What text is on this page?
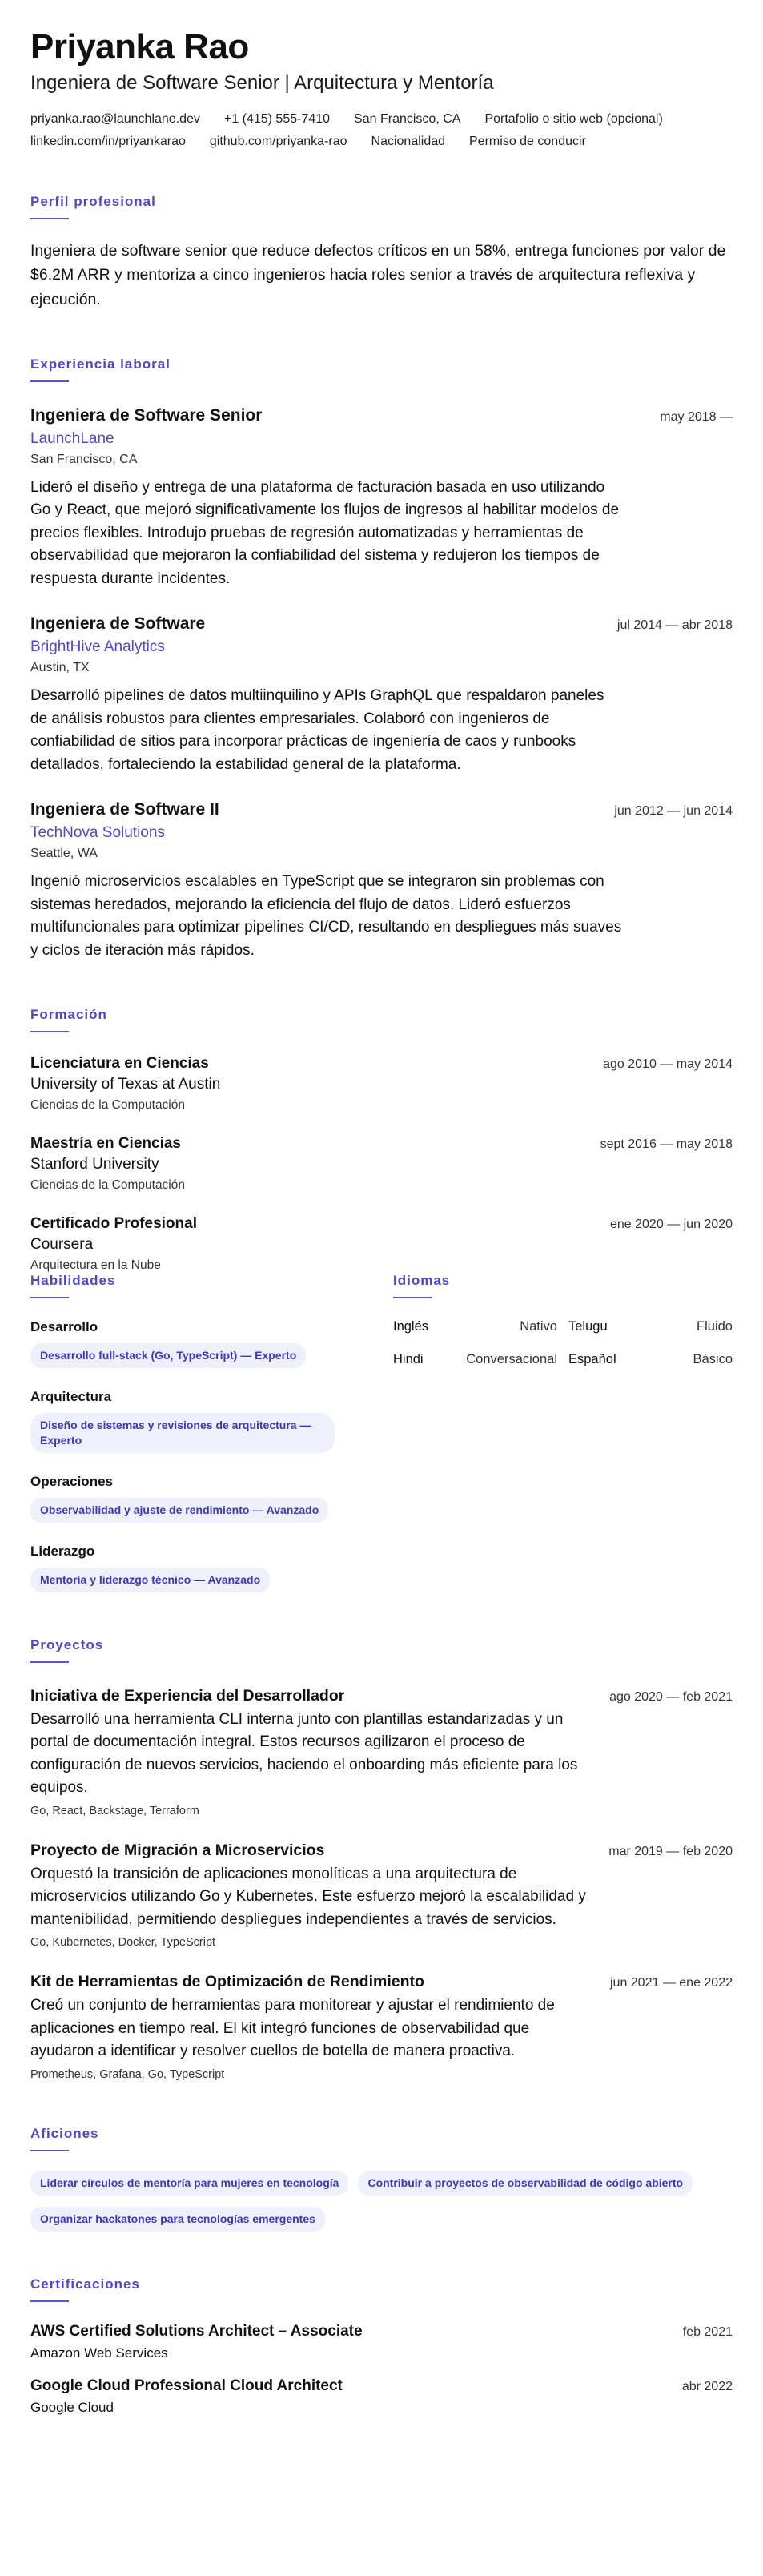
Priyanka Rao
Ingeniera de Software Senior | Arquitectura y Mentoría
priyanka.rao@launchlane.dev +1 (415) 555-7410 San Francisco, CA Portafolio o sitio web (opcional)
linkedin.com/in/priyankarao github.com/priyanka-rao Nacionalidad Permiso de conducir
Perfil profesional
Ingeniera de software senior que reduce defectos críticos en un 58%, entrega funciones por valor de $6.2M ARR y mentoriza a cinco ingenieros hacia roles senior a través de arquitectura reflexiva y ejecución.
Experiencia laboral
Ingeniera de Software Senior	may 2018 —
LaunchLane
San Francisco, CA
Lideró el diseño y entrega de una plataforma de facturación basada en uso utilizando Go y React, que mejoró significativamente los flujos de ingresos al habilitar modelos de precios flexibles. Introdujo pruebas de regresión automatizadas y herramientas de observabilidad que mejoraron la confiabilidad del sistema y redujeron los tiempos de respuesta durante incidentes.
Ingeniera de Software	jul 2014 — abr 2018
BrightHive Analytics
Austin, TX
Desarrolló pipelines de datos multiinquilino y APIs GraphQL que respaldaron paneles de análisis robustos para clientes empresariales. Colaboró con ingenieros de confiabilidad de sitios para incorporar prácticas de ingeniería de caos y runbooks detallados, fortaleciendo la estabilidad general de la plataforma.
Ingeniera de Software II	jun 2012 — jun 2014
TechNova Solutions
Seattle, WA
Ingenió microservicios escalables en TypeScript que se integraron sin problemas con sistemas heredados, mejorando la eficiencia del flujo de datos. Lideró esfuerzos multifuncionales para optimizar pipelines CI/CD, resultando en despliegues más suaves y ciclos de iteración más rápidos.
Formación
Licenciatura en Ciencias	ago 2010 — may 2014
University of Texas at Austin
Ciencias de la Computación
Maestría en Ciencias	sept 2016 — may 2018
Stanford University
Ciencias de la Computación
Certificado Profesional	ene 2020 — jun 2020
Coursera
Arquitectura en la Nube
Habilidades
Desarrollo
Desarrollo full-stack (Go, TypeScript) — Experto
Arquitectura
Diseño de sistemas y revisiones de arquitectura — Experto
Operaciones
Observabilidad y ajuste de rendimiento — Avanzado
Liderazgo
Mentoría y liderazgo técnico — Avanzado
Idiomas
Inglés	Nativo Telugu	Fluido
Hindi	Conversacional Español	Básico
Proyectos
Iniciativa de Experiencia del Desarrollador	ago 2020 — feb 2021
Desarrolló una herramienta CLI interna junto con plantillas estandarizadas y un portal de documentación integral. Estos recursos agilizaron el proceso de configuración de nuevos servicios, haciendo el onboarding más eficiente para los equipos.
Go, React, Backstage, Terraform
Proyecto de Migración a Microservicios	mar 2019 — feb 2020
Orquestó la transición de aplicaciones monolíticas a una arquitectura de microservicios utilizando Go y Kubernetes. Este esfuerzo mejoró la escalabilidad y mantenibilidad, permitiendo despliegues independientes a través de servicios.
Go, Kubernetes, Docker, TypeScript
Kit de Herramientas de Optimización de Rendimiento	jun 2021 — ene 2022
Creó un conjunto de herramientas para monitorear y ajustar el rendimiento de aplicaciones en tiempo real. El kit integró funciones de observabilidad que ayudaron a identificar y resolver cuellos de botella de manera proactiva.
Prometheus, Grafana, Go, TypeScript
Aficiones
Liderar círculos de mentoría para mujeres en tecnología	Contribuir a proyectos de observabilidad de código abierto
Organizar hackatones para tecnologías emergentes
Certificaciones
AWS Certified Solutions Architect – Associate	feb 2021
Amazon Web Services
Google Cloud Professional Cloud Architect	abr 2022
Google Cloud
